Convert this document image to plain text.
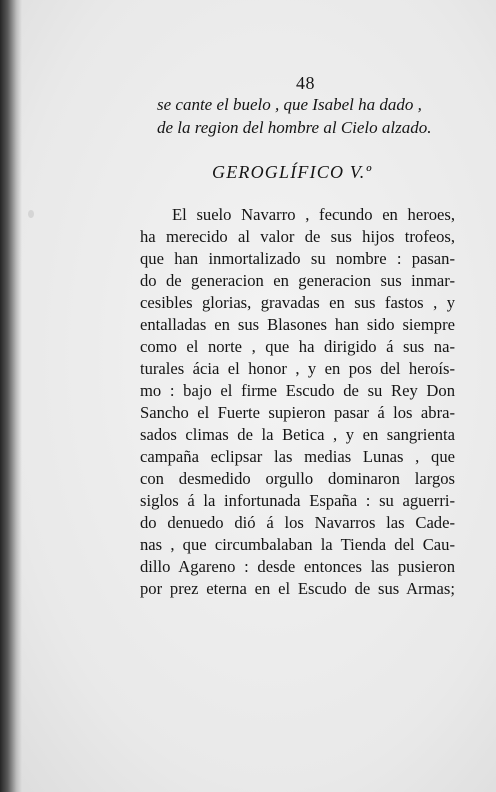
48
se cante el buelo , que Isabel ha dado ,
de la region del hombre al Cielo alzado.
GEROGLÍFICO V.º
El suelo Navarro , fecundo en heroes,
ha merecido al valor de sus hijos trofeos,
que han inmortalizado su nombre : pasan-
do de generacion en generacion sus inmar-
cesibles glorias, gravadas en sus fastos , y
entalladas en sus Blasones han sido siempre
como el norte , que ha dirigido á sus na-
turales ácia el honor , y en pos del heroís-
mo : bajo el firme Escudo de su Rey Don
Sancho el Fuerte supieron pasar á los abra-
sados climas de la Betica , y en sangrienta
campaña eclipsar las medias Lunas , que
con desmedido orgullo dominaron largos
siglos á la infortunada España : su aguerri-
do denuedo dió á los Navarros las Cade-
nas , que circumbalaban la Tienda del Cau-
dillo Agareno : desde entonces las pusieron
por prez eterna en el Escudo de sus Armas;
